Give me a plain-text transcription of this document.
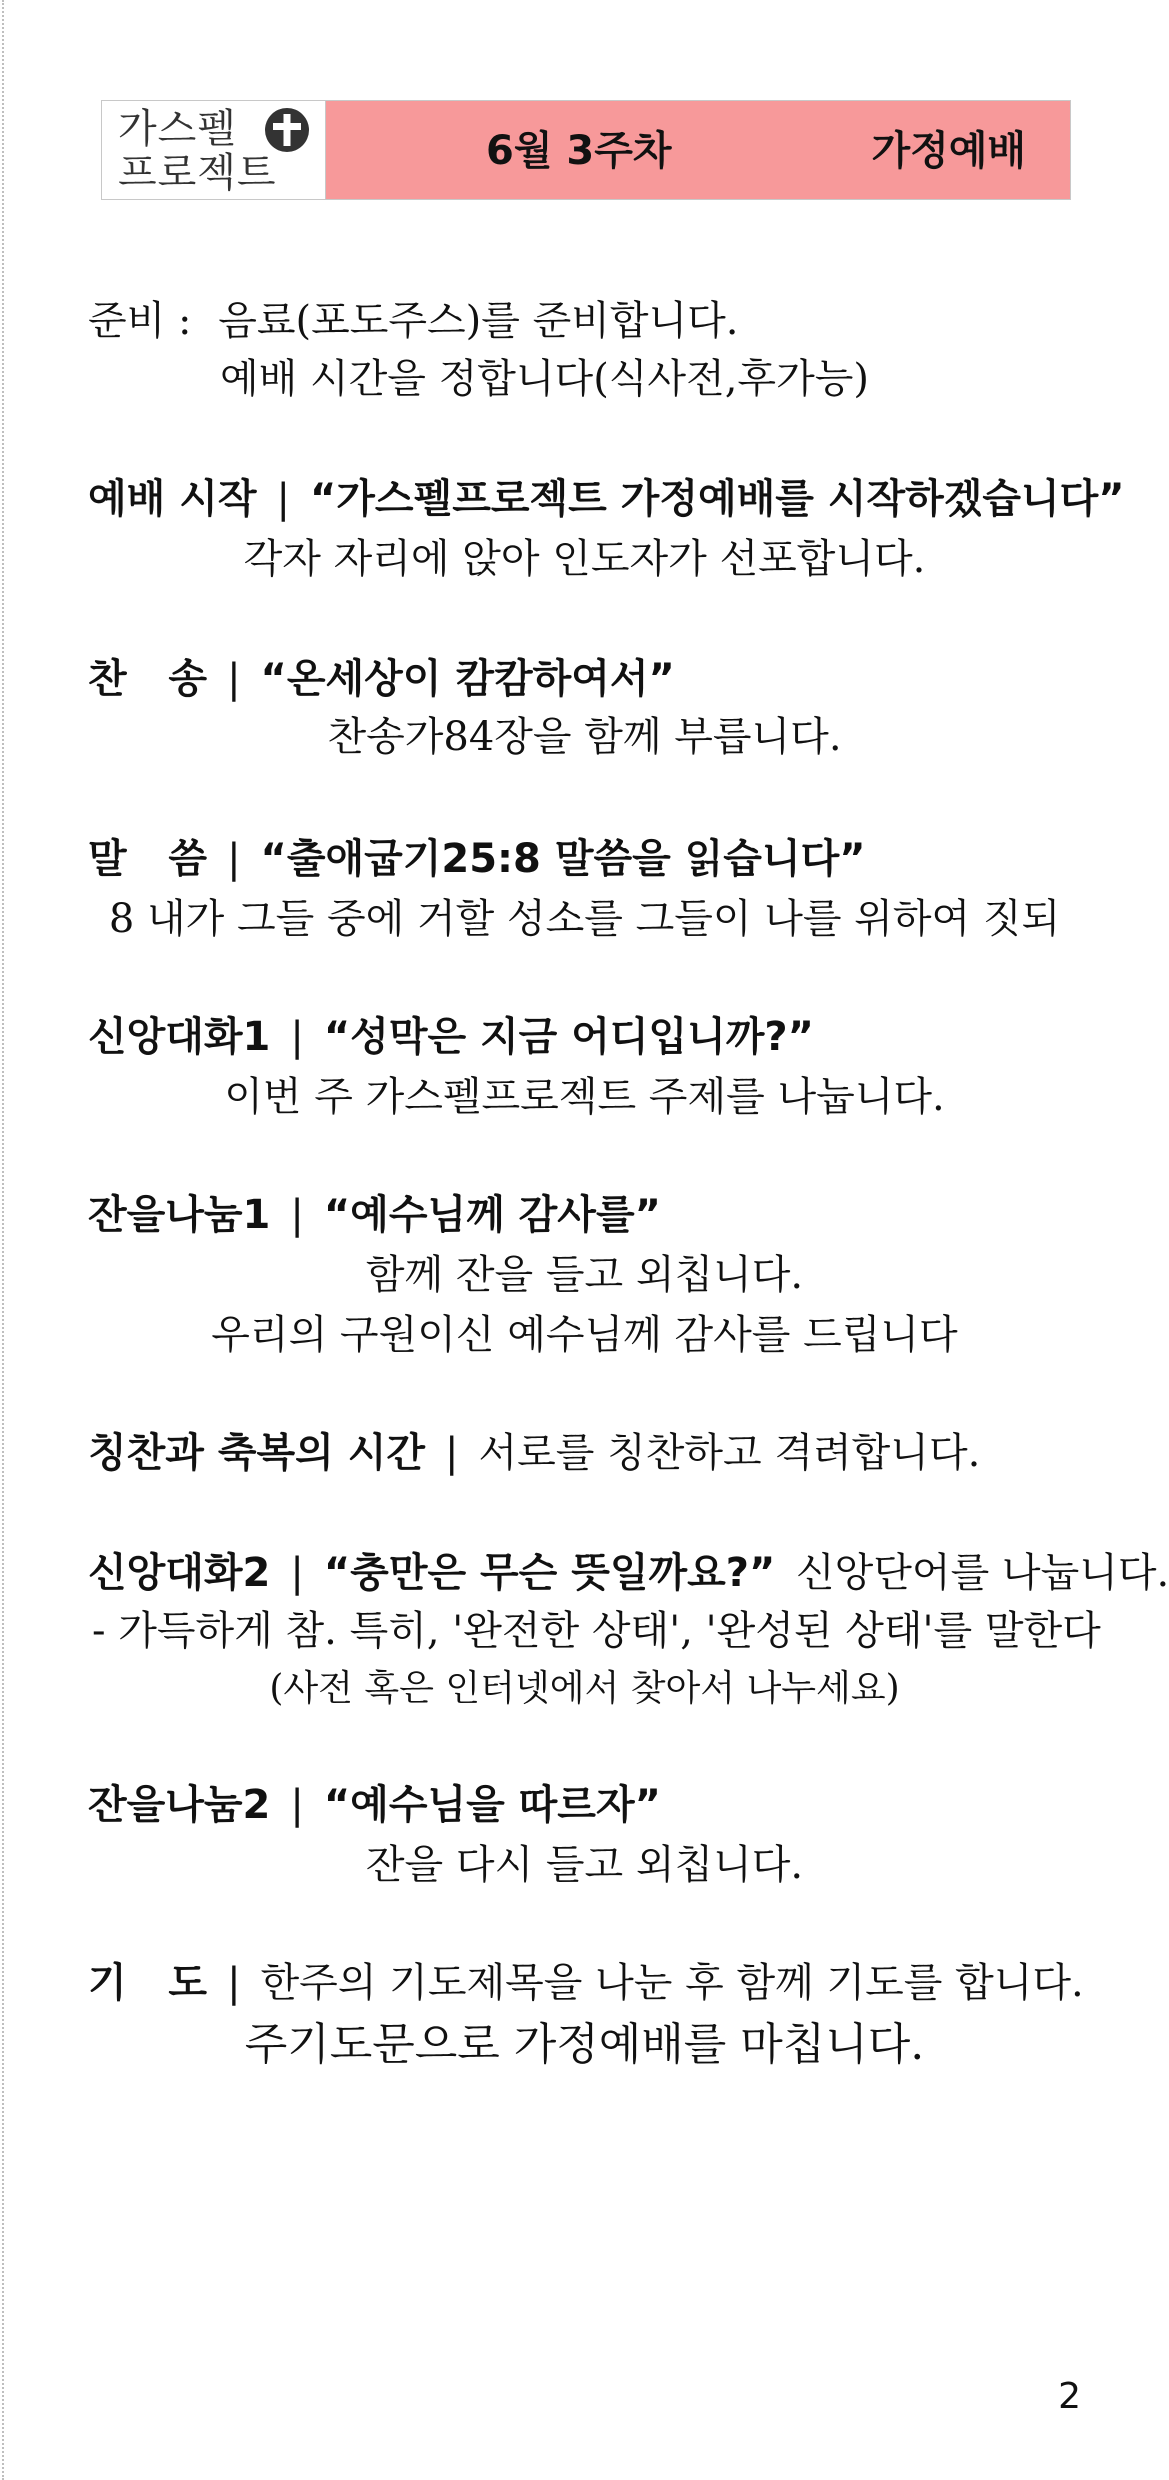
가스펠
프로젝트	6월 3주차	가정예배
준비 : 음료(포도주스)를 준비합니다.
예배 시간을 정합니다(식사전,후가능)
예배 시작 | “가스펠프로젝트 가정예배를 시작하겠습니다”
각자 자리에 앉아 인도자가 선포합니다.
찬   송 | “온세상이 캄캄하여서”
찬송가84장을 함께 부릅니다.
말   씀 | “출애굽기25:8 말씀을 읽습니다”
8 내가 그들 중에 거할 성소를 그들이 나를 위하여 짓되
신앙대화1 | “성막은 지금 어디입니까?”
이번 주 가스펠프로젝트 주제를 나눕니다.
잔을나눔1 | “예수님께 감사를”
함께 잔을 들고 외칩니다.
우리의 구원이신 예수님께 감사를 드립니다
칭찬과 축복의 시간 | 서로를 칭찬하고 격려합니다.
신앙대화2 | “충만은 무슨 뜻일까요?” 신앙단어를 나눕니다.
- 가득하게 참. 특히, '완전한 상태', '완성된 상태'를 말한다
(사전 혹은 인터넷에서 찾아서 나누세요)
잔을나눔2 | “예수님을 따르자”
잔을 다시 들고 외칩니다.
기   도 | 한주의 기도제목을 나눈 후 함께 기도를 합니다.
주기도문으로 가정예배를 마칩니다.
2
